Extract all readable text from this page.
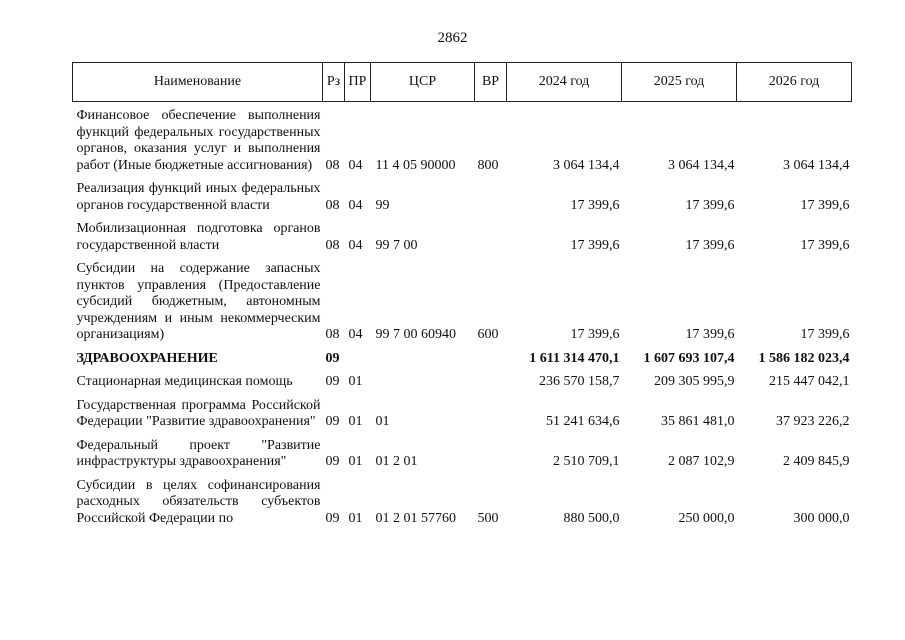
2862
Наименование	Рз	ПР	ЦСР	ВР	2024 год	2025 год	2026 год
Финансовое обеспечение выполнения функций федеральных государственных органов, оказания услуг и выполнения работ (Иные бюджетные ассигнования)	08	04	11 4 05 90000	800	3 064 134,4	3 064 134,4	3 064 134,4
Реализация функций иных федеральных органов государственной власти	08	04	99		17 399,6	17 399,6	17 399,6
Мобилизационная подготовка органов государственной власти	08	04	99 7 00		17 399,6	17 399,6	17 399,6
Субсидии на содержание запасных пунктов управления (Предоставление субсидий бюджетным, автономным учреждениям и иным некоммерческим организациям)	08	04	99 7 00 60940	600	17 399,6	17 399,6	17 399,6
ЗДРАВООХРАНЕНИЕ	09				1 611 314 470,1	1 607 693 107,4	1 586 182 023,4
Стационарная медицинская помощь	09	01			236 570 158,7	209 305 995,9	215 447 042,1
Государственная программа Российской Федерации "Развитие здравоохранения"	09	01	01		51 241 634,6	35 861 481,0	37 923 226,2
Федеральный проект "Развитие инфраструктуры здравоохранения"	09	01	01 2 01		2 510 709,1	2 087 102,9	2 409 845,9
Субсидии в целях софинансирования расходных обязательств субъектов Российской Федерации по	09	01	01 2 01 57760	500	880 500,0	250 000,0	300 000,0
